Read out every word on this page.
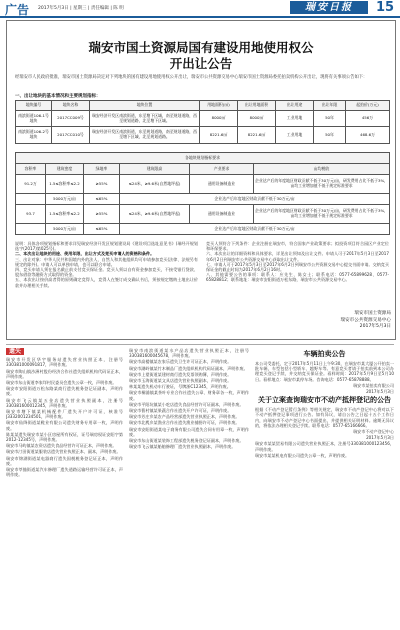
广告 2017年5月3日 | 星期三 | 责任编辑 | 陈 明	瑞安日报	15
瑞安市国土资源局国有建设用地使用权公
开出让公告
经瑞安市人民政府批准，瑞安市国土资源局决定对下列地块的国有建设用地使用权公开出让，瑞安市公共资源交易中心瑞安市国土资源局委托拍卖机构公开出让，现将有关事项公告如下：
一、出让地块的基本情况和主要规划指标：
地块编号	地块名称	地块位置	用地面积(㎡)	出让用地面积	出让用途	出让年限	起拍价(万元)
南滨街道106-1号地块	2017CC009号	瑞安经济开发区南滨街道，东至塘下区域，南至规划道路，西至规划道路，北至塘下区域。	8000㎡	8000㎡	工业用地	50年	456万
南滨街道106-2号地块	2017CC010号	瑞安经济开发区南滨街道，东至规划道路，南至规划道路，西至塘下区域，北至规划道路。	8221.6㎡	8221.6㎡	工业用地	50年	468.6万
各地块规划指标要求					
容积率	建筑密度	绿地率	建筑限高	产业要求	亩均税收
91.2万	1.5≤容积率≤2.2	≥55%	≤24米，≥9.6米(自然地坪起)	通用设备制造业	企业达产后的年度地区财政贡献不低于30万元/亩，研发费用占比不低于3%，亩均工业增加值不低于规定标准要求
	5000万元/亩	≤65%	企业达产后年度地区财政贡献不低于30万元/亩		
93.7	1.5≤容积率≤2.2	≥55%	≤24米，≥9.6米(自然地坪起)	通用设备制造业	企业达产后的年度地区财政贡献不低于30万元/亩，研发费用占比不低于3%，亩均工业增加值不低于规定标准要求
	5000万元/亩	≤65%	企业达产后年度地区财政贡献不低于30万元/亩		

说明：具体各项规划指标和要求详见瑞安经济开发区规划建设局《建设项目选址意见书》(瑞经开规划选字(2017)第025号)。

二、本次出让地块的用途、使用年限、出让方式及竞买申请人的资格和条件。

三、出让对象：中华人民共和国境内外的法人、自然人和其他组织均可申请参加竞买(法律、法规另有规定的除外)。申请人可以单独申请，也可以联合申请。

四、竞买申请人须在报名截止前支付竞买保证金。竞买人须以自有资金参加竞买，不接受银行贷款、股东借款等融资方式取得的资金。

五、本次出让按价高者得的原则确定竞得人，竞得人在签订成交确认书后，须按规定缴纳土地出让价款并办理相关手续。

竞买人须符合下列条件：企业注册在瑞安市，符合国家产业政策要求；拟投资项目符合园区产业定位和环保要求。

六、本次出让的详细资料和具体要求，详见出让须知及出让文件。申请人可于2017年5月3日至2017年6月2日到瑞安市公共资源交易中心获取出让文件。

七、申请人可于2017年5月3日至2017年6月2日到瑞安市公共资源交易中心提交书面申请。交纳竞买保证金的截止时间为2017年6月2日16时。

八、其他需要公告的事项：联系人：应先生、陈女士；联系电话：0577-65899628、0577-65828812；联系地址：瑞安市安阳街道万松东路，瑞安市公共资源交易中心。

瑞安市国土资源局
瑞安市公共资源交易中心
2017年5月3日
遗失

瑞安市开发区华宇服务站遗失营业执照正本，注册号330381000091817，声明作废。

瑞安市陶山镇沙洲村股份经济合作社遗失组织机构代码证正本，声明作废。

瑞安市东山街道李家垟村民委员会遗失公章一枚，声明作废。

瑞安市安阳街道万松东路某商行遗失税务登记证副本，声明作废。

瑞安市飞云镇某五金店遗失营业执照副本，注册号330381600012345，声明作废。

瑞安市塘下镇某机械配件厂遗失开户许可证，核准号J3332001234501，声明作废。

瑞安市仙降街道某鞋业有限公司遗失财务专用章一枚，声明作废。

陈某某遗失瑞安市某小区房屋所有权证，证号瑞房权证安阳字第2012-12345号，声明作废。

瑞安市马屿镇某农资店遗失食品经营许可证正本，声明作废。

瑞安市汀田街道某服装店遗失营业执照正本、副本，声明作废。

瑞安市锦湖街道某电器商行遗失国税税务登记证正本，声明作废。

瑞安市莘塍街道某汽车修理厂遗失道路运输经营许可证正本，声明作废。

瑞安市南滨街道某水产品店遗失营业执照正本，注册号330381600045678，声明作废。

瑞安市高楼镇某农家乐遗失卫生许可证正本，声明作废。

瑞安市湖岭镇某竹木制品厂遗失组织机构代码证副本，声明作废。

瑞安市上望街道某建材商行遗失发票领购簿，声明作废。

瑞安市玉海街道某文具店遗失营业执照副本，声明作废。

林某某遗失机动车行驶证，号牌浙C12345，声明作废。

瑞安市桐浦镇某茶叶专业合作社遗失公章、财务章各一枚，声明作废。

瑞安市平阳坑镇某小吃店遗失食品经营许可证副本，声明作废。

瑞安市曹村镇某果蔬合作社遗失开户许可证，声明作废。

瑞安市芳庄乡某农产品经营部遗失营业执照正本，声明作废。

瑞安市北麂乡某渔业合作社遗失渔业捕捞许可证，声明作废。

瑞安市安阳街道某电子商务有限公司遗失合同专用章一枚，声明作废。

瑞安市东山街道某装饰工程部遗失税务登记证副本，声明作废。

瑞安市飞云镇某船舶修理厂遗失营业执照副本，声明作废。

车辆拍卖公告

本公司受委托，定于2017年5月11日上午9:30，在瑞安市某大厦公开拍卖一批车辆，车型包括小型轿车、越野车等。有意竞买者请于拍卖前到本公司办理竞买登记手续，并交纳竞买保证金。看样时间：2017年5月9日至5月10日。看样地点：瑞安市某停车场。咨询电话：0577-65878888。

瑞安市某拍卖有限公司

2017年5月3日

关于立案查询瑞安市不动产抵押登记的公告

根据《不动产登记暂行条例》等相关规定，瑞安市不动产登记中心将对以下不动产抵押登记事项进行公告。如有异议，请自公告之日起十五个工作日内，向瑞安市不动产登记中心书面提出，并提供相关证明材料。逾期无异议的，将依法办理相关登记手续。联系电话：0577-65166666。

瑞安市不动产登记中心

2017年5月3日

瑞安市某某贸易有限公司遗失营业执照正本，注册号330381000123456，声明作废。

瑞安市某某机电有限公司遗失公章一枚，声明作废。
